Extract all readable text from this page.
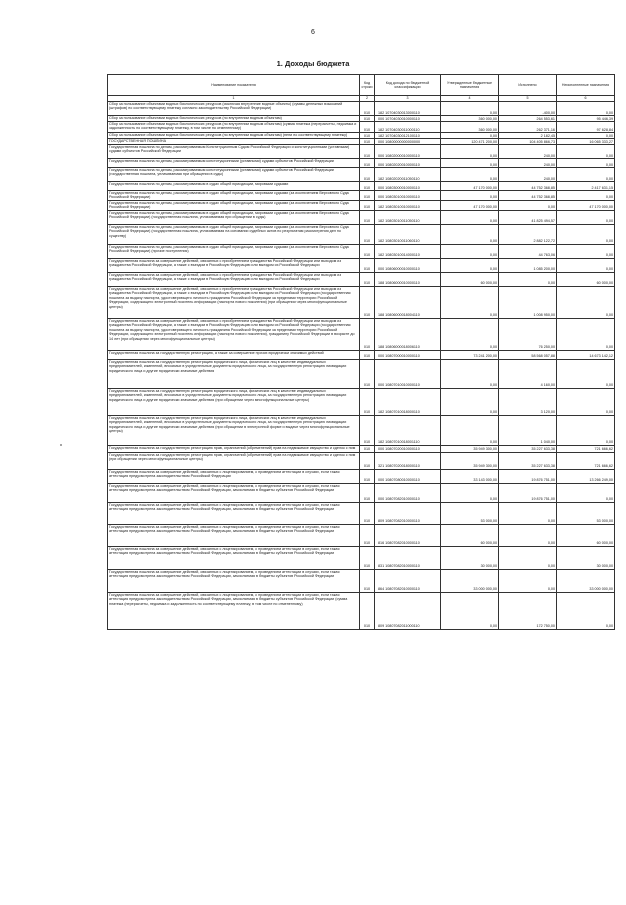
6
1. Доходы бюджета
Наименование показателя	Код строки	Код дохода по бюджетной классификации	Утвержденные бюджетные назначения	Исполнено	Неисполненные назначения
1	2	3	4	5	6
Сбор за пользование объектами водных биологических ресурсов (исключая внутренние водные объекты) (суммы денежных взысканий (штрафов) по соответствующему платежу согласно законодательству Российской Федерации)	010	182 10704030013000110	0,00	-400,00	0,00
Сбор за пользование объектами водных биологических ресурсов (по внутренним водным объектам)	010	000 10704030010000110	360 000,00	264 553,61	95 446,39
Сбор за пользование объектами водных биологических ресурсов (по внутренним водным объектам) (сумма платежа (перерасчеты, недоимка и задолженность по соответствующему платежу, в том числе по отмененному)	010	182 10704030011000110	360 000,00	262 371,16	97 628,84
Сбор за пользование объектами водных биологических ресурсов (по внутренним водным объектам) (пени по соответствующему платежу)	010	182 10704030012100110	0,00	2 182,45	0,00
ГОСУДАРСТВЕННАЯ ПОШЛИНА	010	000 10800000000000000	120 471 200,00	104 405 866,73	16 065 333,27
Государственная пошлина по делам, рассматриваемым Конституционным Судом Российской Федерации и конституционными (уставными) судами субъектов Российской Федерации	010	000 10802000010000110	0,00	240,00	0,00
Государственная пошлина по делам, рассматриваемым конституционными (уставными) судами субъектов Российской Федерации	010	000 10802020010000110	0,00	240,00	0,00
Государственная пошлина по делам, рассматриваемым конституционными (уставными) судами субъектов Российской Федерации (государственная пошлина, уплачиваемая при обращении в суды)	010	182 10802020011050110	0,00	240,00	0,00
Государственная пошлина по делам, рассматриваемым в судах общей юрисдикции, мировыми судьями	010	000 10803000010000110	47 170 000,00	44 752 368,85	2 417 631,15
Государственная пошлина по делам, рассматриваемым в судах общей юрисдикции, мировыми судьями (за исключением Верховного Суда Российской Федерации)	010	000 10803010010000110	0,00	44 752 368,85	0,00
Государственная пошлина по делам, рассматриваемым в судах общей юрисдикции, мировыми судьями (за исключением Верховного Суда Российской Федерации)	010	182 10803010010000110	47 170 000,00	0,00	47 170 000,00
Государственная пошлина по делам, рассматриваемым в судах общей юрисдикции, мировыми судьями (за исключением Верховного Суда Российской Федерации) (государственная пошлина, уплачиваемая при обращении в суды)	010	182 10803010011050110	0,00	41 825 494,57	0,00
Государственная пошлина по делам, рассматриваемым в судах общей юрисдикции, мировыми судьями (за исключением Верховного Суда Российской Федерации) (государственная пошлина, уплачиваемая на основании судебных актов по результатам рассмотрения дел по существу)	010	182 10803010011060110	0,00	2 882 122,72	0,00
Государственная пошлина по делам, рассматриваемым в судах общей юрисдикции, мировыми судьями (за исключением Верховного Суда Российской Федерации) (прочие поступления)	010	182 10803010014000110	0,00	44 763,06	0,00
Государственная пошлина за совершение действий, связанных с приобретением гражданства Российской Федерации или выходом из гражданства Российской Федерации, а также с въездом в Российскую Федерацию или выездом из Российской Федерации	010	000 10806000010000110	0,00	1 085 200,00	0,00
Государственная пошлина за совершение действий, связанных с приобретением гражданства Российской Федерации или выходом из гражданства Российской Федерации, а также с въездом в Российскую Федерацию или выездом из Российской Федерации	010	188 10806000010000110	60 000,00	0,00	60 000,00
Государственная пошлина за совершение действий, связанных с приобретением гражданства Российской Федерации или выходом из гражданства Российской Федерации, а также с въездом в Российскую Федерацию или выездом из Российской Федерации (государственная пошлина за выдачу паспорта, удостоверяющего личность гражданина Российской Федерации за пределами территории Российской Федерации, содержащего электронный носитель информации (паспорта нового поколения) (при обращении через многофункциональные центры)	010	188 10806000018004110	0,00	1 008 950,00	0,00
Государственная пошлина за совершение действий, связанных с приобретением гражданства Российской Федерации или выходом из гражданства Российской Федерации, а также с въездом в Российскую Федерацию или выездом из Российской Федерации (государственная пошлина за выдачу паспорта, удостоверяющего личность гражданина Российской Федерации за пределами территории Российской Федерации, содержащего электронный носитель информации (паспорта нового поколения), гражданину Российской Федерации в возрасте до 14 лет (при обращении через многофункциональные центры)	010	188 10806000018006110	0,00	76 250,00	0,00
Государственная пошлина за государственную регистрацию, а также за совершение прочих юридически значимых действий	010	000 10807000010000110	73 241 200,00	58 568 057,88	14 673 142,12
Государственная пошлина за государственную регистрацию юридического лица, физических лиц в качестве индивидуальных предпринимателей, изменений, вносимых в учредительные документы юридического лица, за государственную регистрацию ликвидации юридического лица и другие юридически значимые действия	010	000 10807010010000110	0,00	4 160,00	0,00
Государственная пошлина за государственную регистрацию юридического лица, физических лиц в качестве индивидуальных предпринимателей, изменений, вносимых в учредительные документы юридического лица, за государственную регистрацию ликвидации юридического лица и другие юридически значимые действия (при обращении через многофункциональные центры)	010	182 10807010018000110	0,00	3 120,00	0,00
Государственная пошлина за государственную регистрацию юридического лица, физических лиц в качестве индивидуальных предпринимателей, изменений, вносимых в учредительные документы юридического лица, за государственную регистрацию ликвидации юридического лица и другие юридически значимые действия (при обращении в электронной форме и выдаче через многофункциональные центры)	010	182 10807010018001110	0,00	1 040,00	0,00
Государственная пошлина за государственную регистрацию прав, ограничений (обременений) прав на недвижимое имущество и сделок с ним	010	000 10807020010000110	35 949 300,00	35 227 633,38	721 666,62
Государственная пошлина за государственную регистрацию прав, ограничений (обременений) прав на недвижимое имущество и сделок с ним (при обращении через многофункциональные центры)	010	321 10807020018000110	35 949 300,00	35 227 633,38	721 666,62
Государственная пошлина за совершение действий, связанных с лицензированием, с проведением аттестации в случаях, если такая аттестация предусмотрена законодательством Российской Федерации	010	000 10807080010000110	33 143 000,00	19 876 751,00	13 266 249,00
Государственная пошлина за совершение действий, связанных с лицензированием, с проведением аттестации в случаях, если такая аттестация предусмотрена законодательством Российской Федерации, зачисляемая в бюджеты субъектов Российской Федерации	010	000 10807082010000110	0,00	19 876 751,00	0,00
Государственная пошлина за совершение действий, связанных с лицензированием, с проведением аттестации в случаях, если такая аттестация предусмотрена законодательством Российской Федерации, зачисляемая в бюджеты субъектов Российской Федерации	010	809 10807082010000110	53 000,00	0,00	53 000,00
Государственная пошлина за совершение действий, связанных с лицензированием, с проведением аттестации в случаях, если такая аттестация предусмотрена законодательством Российской Федерации, зачисляемая в бюджеты субъектов Российской Федерации	010	816 10807082010000110	60 000,00	0,00	60 000,00
Государственная пошлина за совершение действий, связанных с лицензированием, с проведением аттестации в случаях, если такая аттестация предусмотрена законодательством Российской Федерации, зачисляемая в бюджеты субъектов Российской Федерации	010	831 10807082010000110	30 000,00	0,00	30 000,00
Государственная пошлина за совершение действий, связанных с лицензированием, с проведением аттестации в случаях, если такая аттестация предусмотрена законодательством Российской Федерации, зачисляемая в бюджеты субъектов Российской Федерации	010	864 10807082010000110	33 000 000,00	0,00	33 000 000,00
Государственная пошлина за совершение действий, связанных с лицензированием, с проведением аттестации в случаях, если такая аттестация предусмотрена законодательством Российской Федерации, зачисляемая в бюджеты субъектов Российской Федерации (сумма платежа (перерасчеты, недоимка и задолженность по соответствующему платежу, в том числе по отмененному)	010	809 10807082011000110	0,00	172 750,00	0,00
